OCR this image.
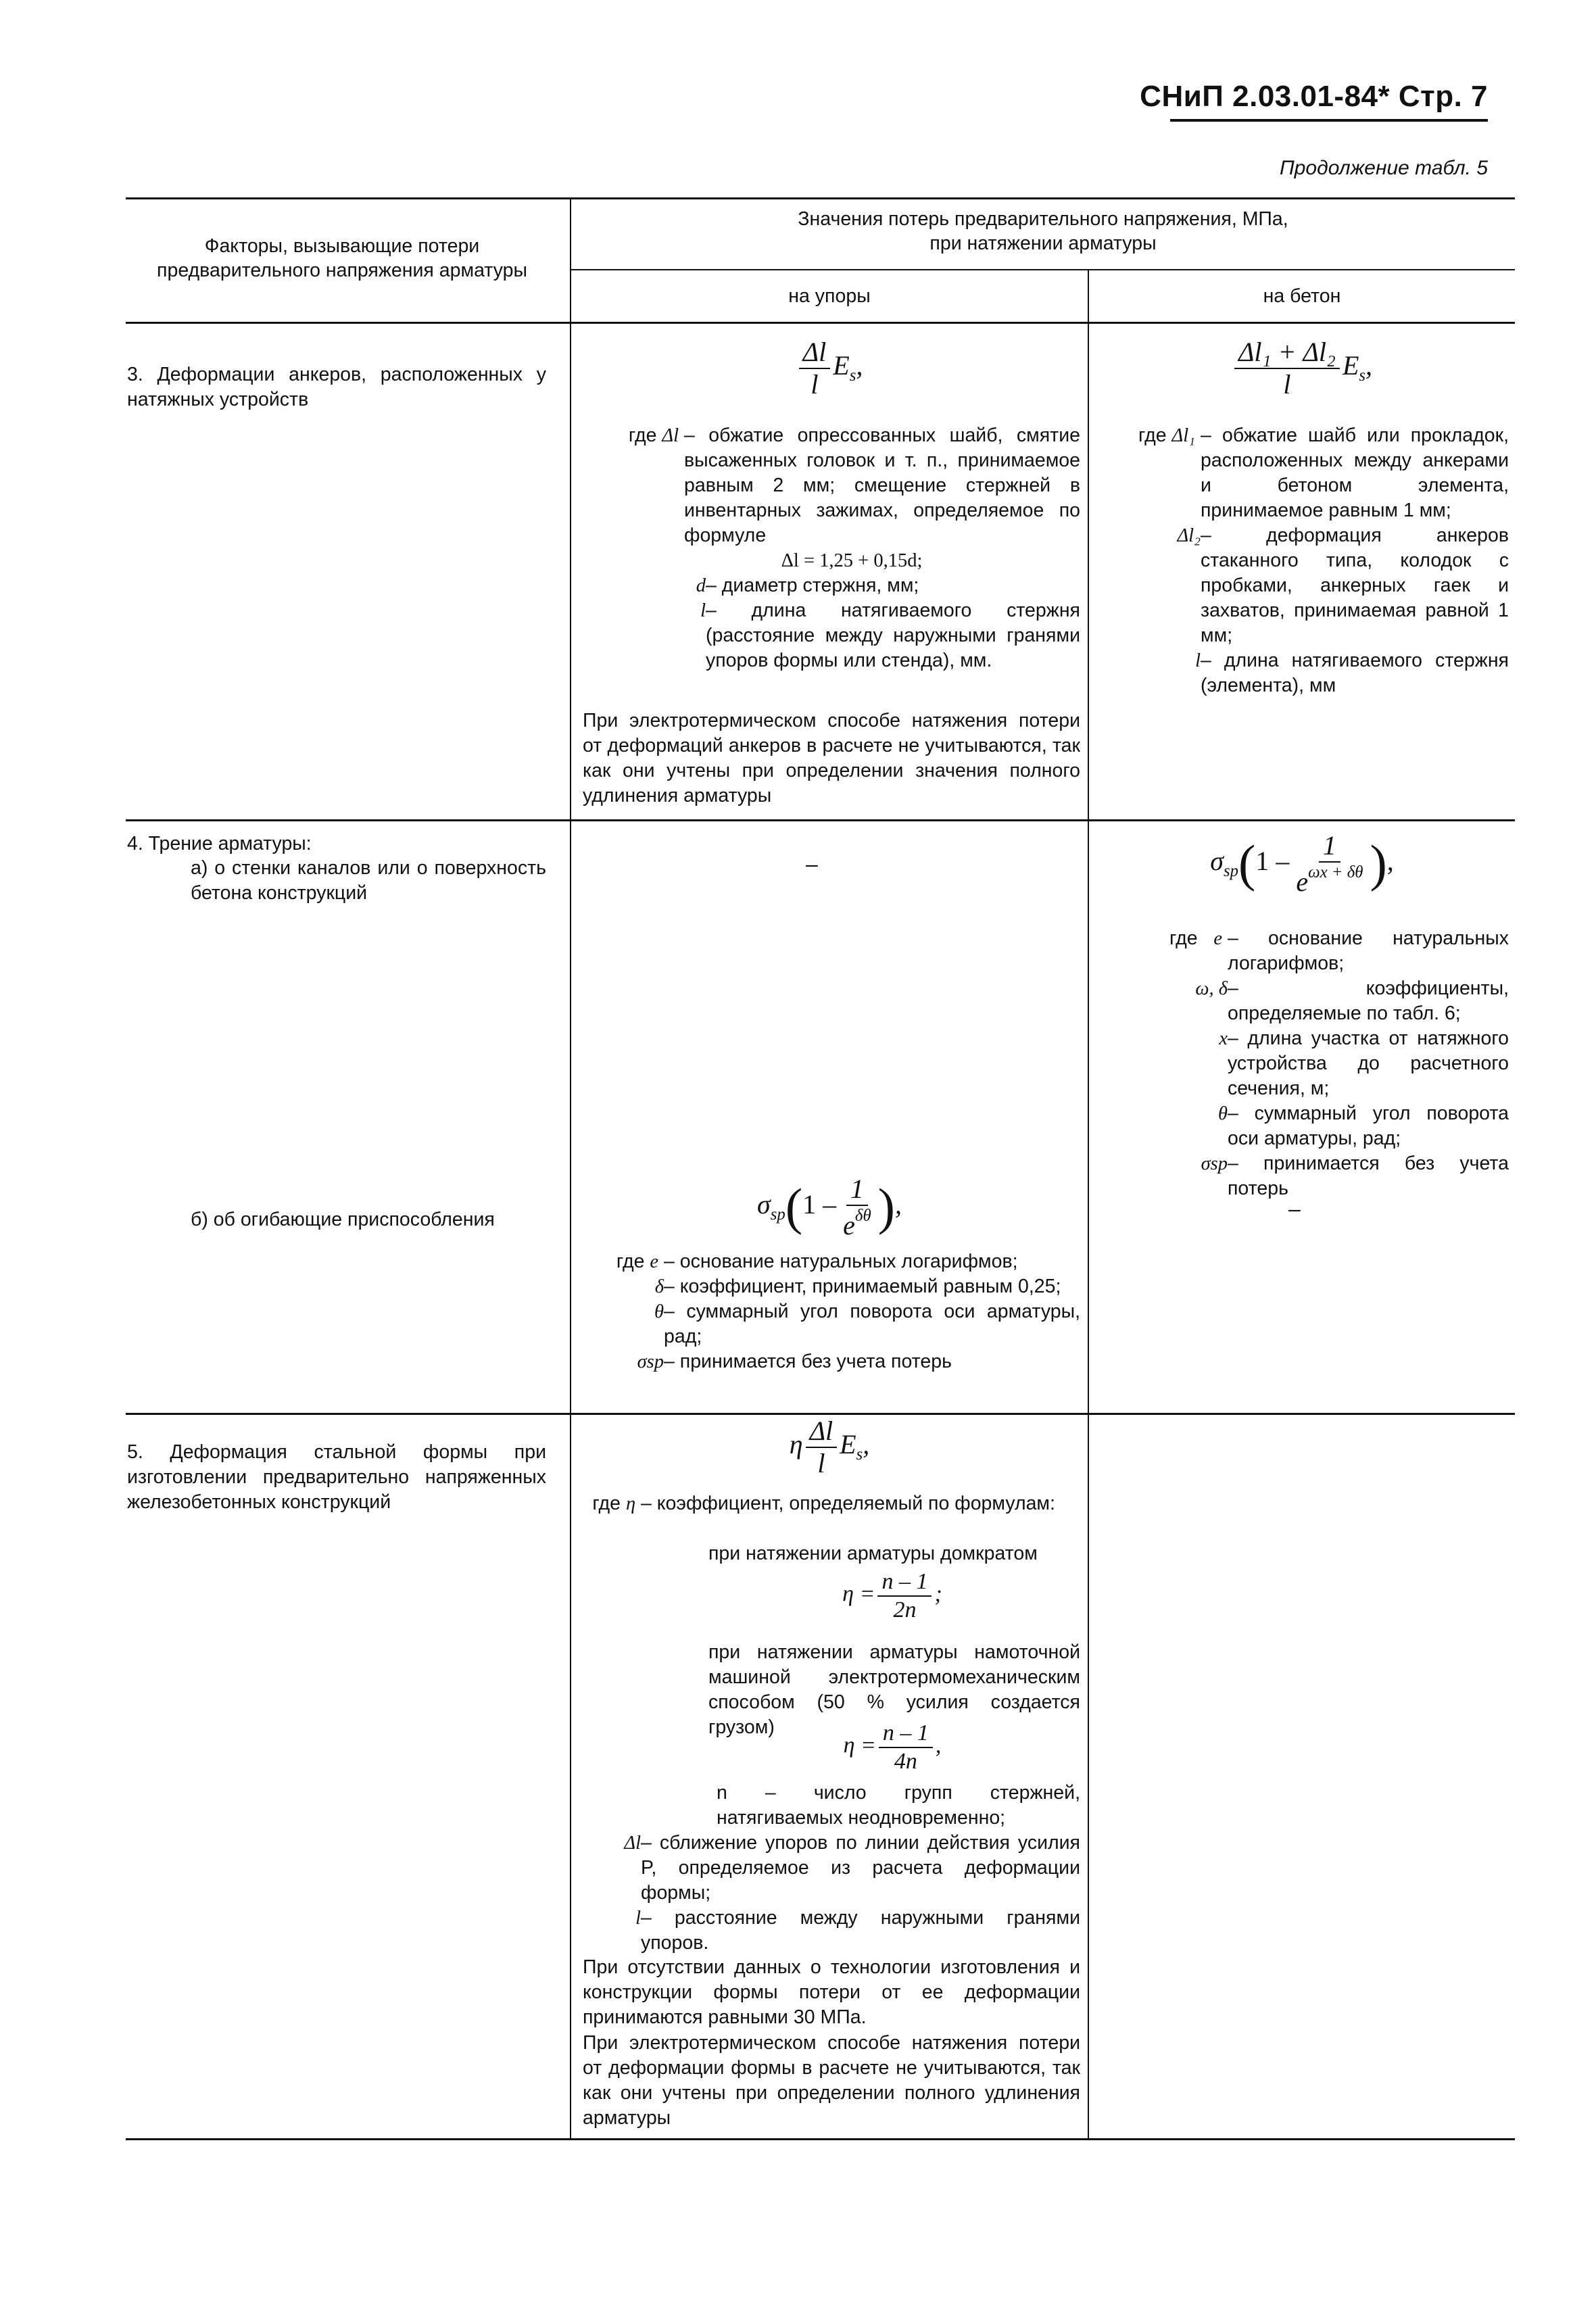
СНиП 2.03.01-84* Стр. 7
Продолжение табл. 5
Факторы, вызывающие потери предварительного напряжения арматуры
Значения потерь предварительного напряжения, МПа,
при натяжении арматуры
на упоры	на бетон
3. Деформации анкеров, расположенных у натяжных устройств
$\frac{\Delta l}{l} E_s$,
где Δl – обжатие опрессованных шайб, смятие высаженных головок и т. п., принимаемое равным 2 мм; смещение стержней в инвентарных зажимах, определяемое по формуле
Δl = 1,25 + 0,15d;
d – диаметр стержня, мм;
l – длина натягиваемого стержня (расстояние между наружными гранями упоров формы или стенда), мм.
При электротермическом способе натяжения потери от деформаций анкеров в расчете не учитываются, так как они учтены при определении значения полного удлинения арматуры
$\frac{\text{Δl₁ + Δl₂}}{l} E_s$,
где Δl₁ – обжатие шайб или прокладок, расположенных между анкерами и бетоном элемента, принимаемое равным 1 мм;
Δl₂ – деформация анкеров стаканного типа, колодок с пробками, анкерных гаек и захватов, принимаемая равной 1 мм;
l – длина натягиваемого стержня (элемента), мм
4. Трение арматуры:
а) о стенки каналов или о поверхность бетона конструкций
б) об огибающие приспособления
–	$\sigma_{sp}(1 - \frac{1}{e^{\omega x + \delta\theta}}$ ),
где e – основание натуральных логарифмов;
ω, δ – коэффициенты, определяемые по табл. 6;
x – длина участка от натяжного устройства до расчетного сечения, м;
θ – суммарный угол поворота оси арматуры, рад;
σsp – принимается без учета потерь
–
$\sigma_{sp}(1 - \frac{1}{e^{\delta\theta}}$ ),
где e – основание натуральных логарифмов;
δ – коэффициент, принимаемый равным 0,25;
θ – суммарный угол поворота оси арматуры, рад;
σsp – принимается без учета потерь
5. Деформация стальной формы при изготовлении предварительно напряженных железобетонных конструкций
η $\frac{\Delta l}{l} E_s$,
где η – коэффициент, определяемый по формулам:
при натяжении арматуры домкратом
$\eta = \frac{n - 1}{2n}$ ;
при натяжении арматуры намоточной машиной электротермомеханическим способом (50 % усилия создается грузом)
$\eta = \frac{n - 1}{4n}$ ,
n – число групп стержней, натягиваемых неодновременно;
Δl – сближение упоров по линии действия усилия P, определяемое из расчета деформации формы;
l – расстояние между наружными гранями упоров.
При отсутствии данных о технологии изготовления и конструкции формы потери от ее деформации принимаются равными 30 МПа.
При электротермическом способе натяжения потери от деформации формы в расчете не учитываются, так как они учтены при определении полного удлинения арматуры
